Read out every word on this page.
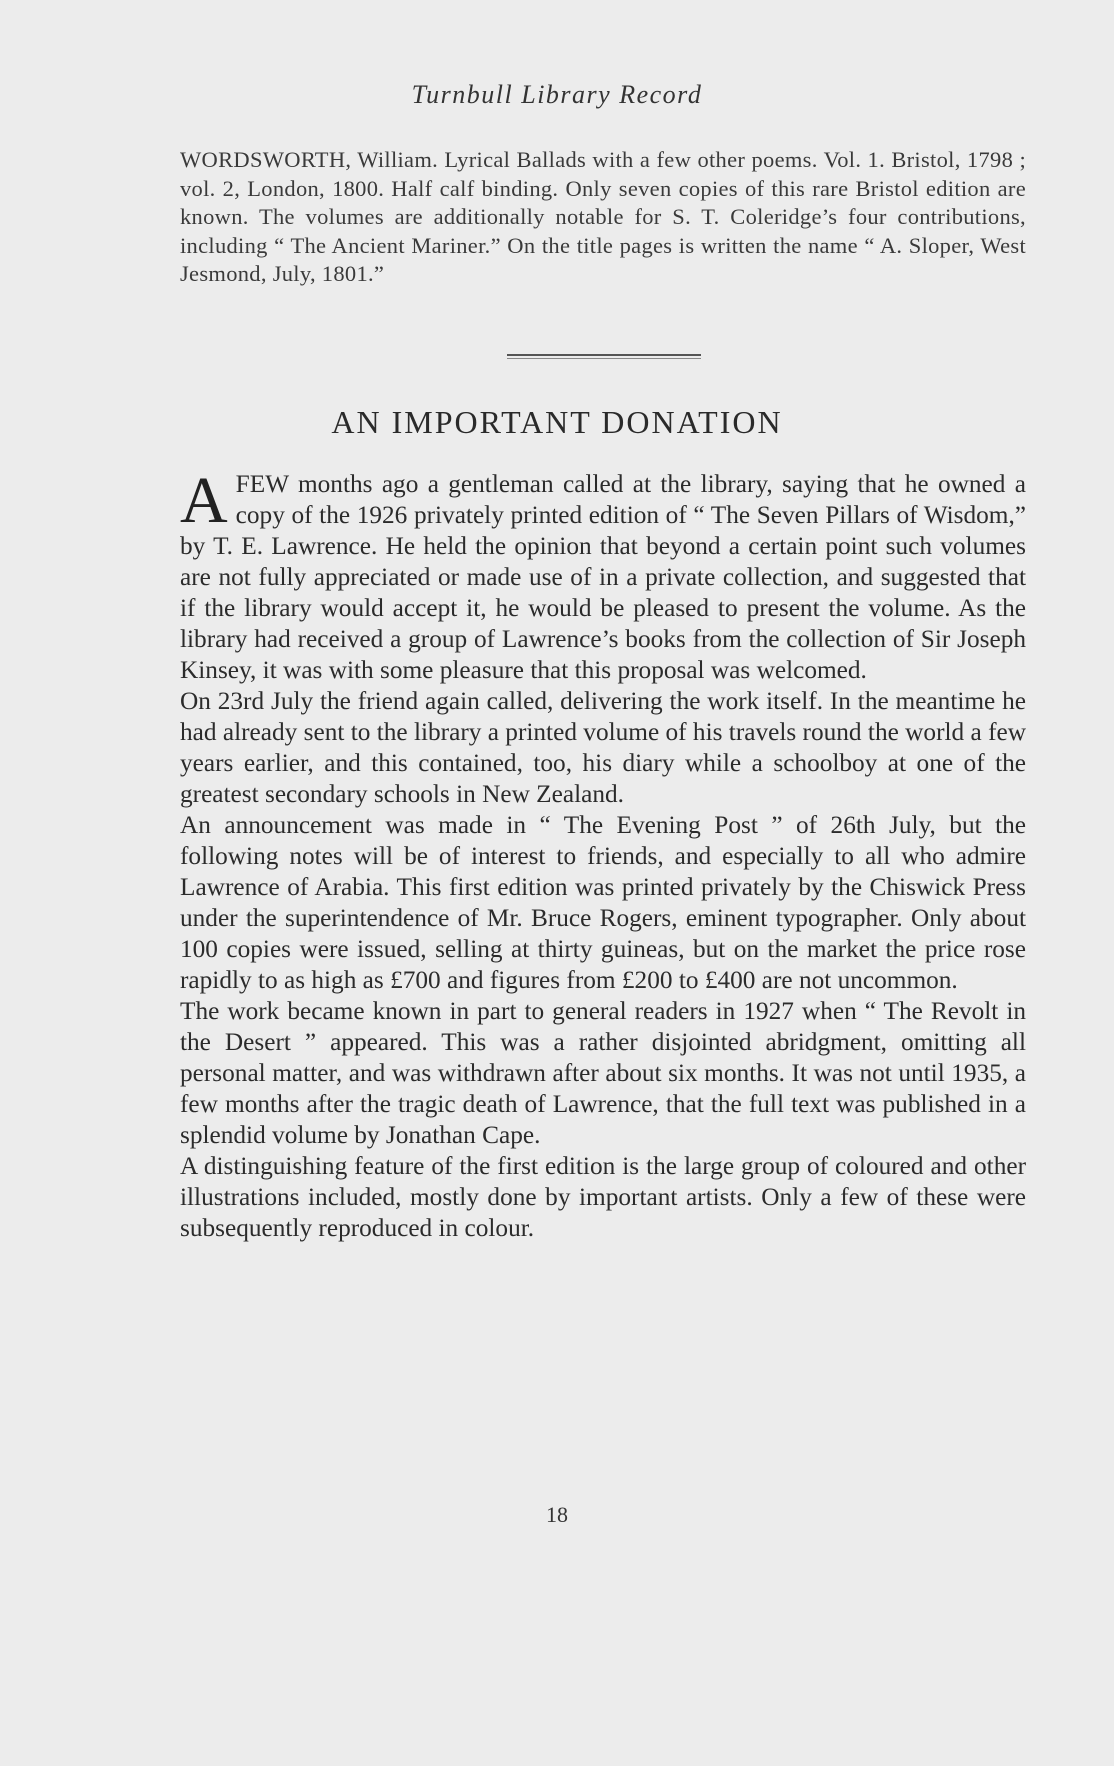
Turnbull Library Record
WORDSWORTH, William. Lyrical Ballads with a few other poems. Vol. 1. Bristol, 1798 ; vol. 2, London, 1800. Half calf binding. Only seven copies of this rare Bristol edition are known. The volumes are additionally notable for S. T. Coleridge’s four contributions, including “ The Ancient Mariner.” On the title pages is written the name “ A. Sloper, West Jesmond, July, 1801.”
AN IMPORTANT DONATION

AFEW months ago a gentleman called at the library, saying that he owned a copy of the 1926 privately printed edition of “ The Seven Pillars of Wisdom,” by T. E. Lawrence. He held the opinion that beyond a certain point such volumes are not fully appreciated or made use of in a private collection, and suggested that if the library would accept it, he would be pleased to present the volume. As the library had received a group of Lawrence’s books from the collection of Sir Joseph Kinsey, it was with some pleasure that this proposal was welcomed.

On 23rd July the friend again called, delivering the work itself. In the meantime he had already sent to the library a printed volume of his travels round the world a few years earlier, and this contained, too, his diary while a schoolboy at one of the greatest secondary schools in New Zealand.

An announcement was made in “ The Evening Post ” of 26th July, but the following notes will be of interest to friends, and especially to all who admire Lawrence of Arabia. This first edition was printed privately by the Chiswick Press under the superintendence of Mr. Bruce Rogers, eminent typographer. Only about 100 copies were issued, selling at thirty guineas, but on the market the price rose rapidly to as high as £700 and figures from £200 to £400 are not uncommon.

The work became known in part to general readers in 1927 when “ The Revolt in the Desert ” appeared. This was a rather disjointed abridgment, omitting all personal matter, and was withdrawn after about six months. It was not until 1935, a few months after the tragic death of Lawrence, that the full text was published in a splendid volume by Jonathan Cape.

A distinguishing feature of the first edition is the large group of coloured and other illustrations included, mostly done by important artists. Only a few of these were subsequently reproduced in colour.

18
